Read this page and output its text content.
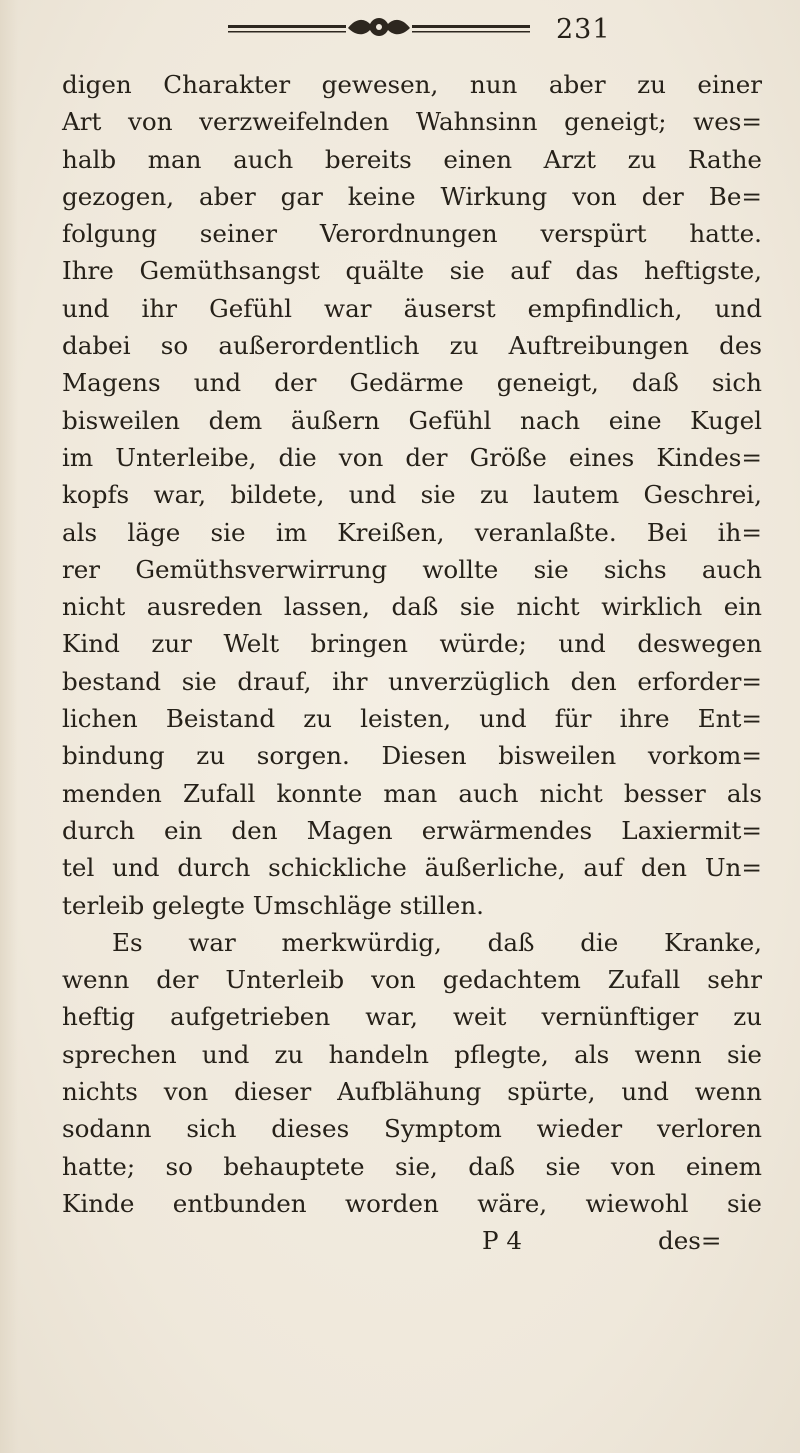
231
digen Charakter gewesen, nun aber zu einer
Art von verzweifelnden Wahnsinn geneigt; wes=
halb man auch bereits einen Arzt zu Rathe
gezogen, aber gar keine Wirkung von der Be=
folgung seiner Verordnungen verspürt hatte.
Ihre Gemüthsangst quälte sie auf das heftigste,
und ihr Gefühl war äuserst empfindlich, und
dabei so außerordentlich zu Auftreibungen des
Magens und der Gedärme geneigt, daß sich
bisweilen dem äußern Gefühl nach eine Kugel
im Unterleibe, die von der Größe eines Kindes=
kopfs war, bildete, und sie zu lautem Geschrei,
als läge sie im Kreißen, veranlaßte. Bei ih=
rer Gemüthsverwirrung wollte sie sichs auch
nicht ausreden lassen, daß sie nicht wirklich ein
Kind zur Welt bringen würde; und deswegen
bestand sie drauf, ihr unverzüglich den erforder=
lichen Beistand zu leisten, und für ihre Ent=
bindung zu sorgen. Diesen bisweilen vorkom=
menden Zufall konnte man auch nicht besser als
durch ein den Magen erwärmendes Laxiermit=
tel und durch schickliche äußerliche, auf den Un=
terleib gelegte Umschläge stillen.
Es war merkwürdig, daß die Kranke,
wenn der Unterleib von gedachtem Zufall sehr
heftig aufgetrieben war, weit vernünftiger zu
sprechen und zu handeln pflegte, als wenn sie
nichts von dieser Aufblähung spürte, und wenn
sodann sich dieses Symptom wieder verloren
hatte; so behauptete sie, daß sie von einem
Kinde entbunden worden wäre, wiewohl sie
P 4	des=
